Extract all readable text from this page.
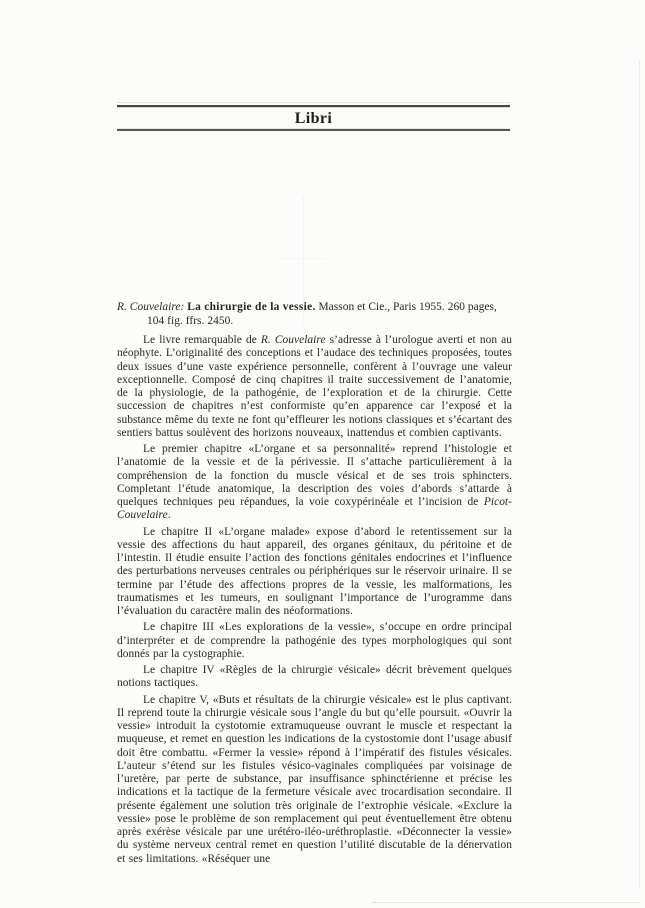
Libri
R. Couvelaire: La chirurgie de la vessie. Masson et Cie., Paris 1955. 260 pages,
104 fig. ffrs. 2450.

Le livre remarquable de R. Couvelaire s’adresse à l’urologue averti et non au néophyte. L’originalité des conceptions et l’audace des techniques proposées, toutes deux issues d’une vaste expérience personnelle, confèrent à l’ouvrage une valeur exceptionnelle. Composé de cinq chapitres il traite successivement de l’anatomie, de la physiologie, de la pathogénie, de l’exploration et de la chirurgie. Cette succession de chapitres n’est conformiste qu’en apparence car l’exposé et la substance même du texte ne font qu’effleurer les notions classiques et s’écartant des sentiers battus soulèvent des horizons nouveaux, inattendus et combien captivants.

Le premier chapitre «L’organe et sa personnalité» reprend l’histologie et l’anatomie de la vessie et de la périvessie. Il s’attache particulièrement à la compréhension de la fonction du muscle vésical et de ses trois sphincters. Completant l’étude anatomique, la description des voies d’abords s’attarde à quelques techniques peu répandues, la voie coxypérinéale et l’incision de Picot-Couvelaire.

Le chapitre II «L’organe malade» expose d’abord le retentissement sur la vessie des affections du haut appareil, des organes génitaux, du péritoine et de l’intestin. Il étudie ensuite l’action des fonctions génitales endocrines et l’influence des perturbations nerveuses centrales ou périphériques sur le réservoir urinaire. Il se termine par l’étude des affections propres de la vessie, les malformations, les traumatismes et les tumeurs, en soulignant l’importance de l’urogramme dans l’évaluation du caractère malin des néoformations.

Le chapitre III «Les explorations de la vessie», s’occupe en ordre principal d’interpréter et de comprendre la pathogénie des types morphologiques qui sont donnés par la cystographie.

Le chapitre IV «Règles de la chirurgie vésicale» décrit brèvement quelques notions tactiques.

Le chapitre V, «Buts et résultats de la chirurgie vésicale» est le plus captivant. Il reprend toute la chirurgie vésicale sous l’angle du but qu’elle poursuit. «Ouvrir la vessie» introduit la cystotomie extramuqueuse ouvrant le muscle et respectant la muqueuse, et remet en question les indications de la cystostomie dont l’usage abusif doit être combattu. «Fermer la vessie» répond à l’impératif des fistules vésicales. L’auteur s’étend sur les fistules vésico-vaginales compliquées par voisinage de l’uretère, par perte de substance, par insuffisance sphinctérienne et précise les indications et la tactique de la fermeture vésicale avec trocardisation secondaire. Il présente également une solution très originale de l’extrophie vésicale. «Exclure la vessie» pose le problème de son remplacement qui peut éventuellement être obtenu après exérèse vésicale par une urétéro-iléo-uréthroplastie. «Déconnecter la vessie» du système nerveux central remet en question l’utilité discutable de la dénervation et ses limitations. «Réséquer une
